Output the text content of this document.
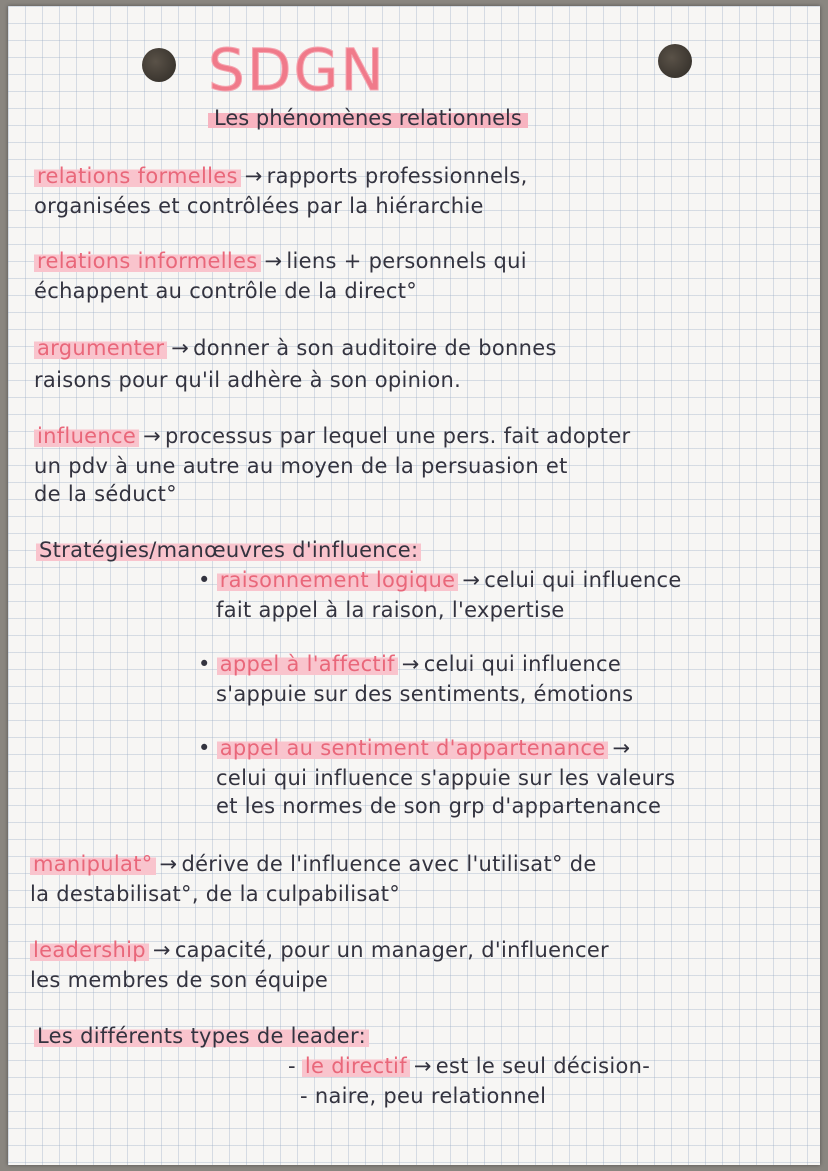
SDGN
Les phénomènes relationnels
relations formelles → rapports professionnels,
organisées et contrôlées par la hiérarchie
relations informelles → liens + personnels qui
échappent au contrôle de la direct°
argumenter → donner à son auditoire de bonnes
raisons pour qu'il adhère à son opinion.
influence → processus par lequel une pers. fait adopter
un pdv à une autre au moyen de la persuasion et
de la séduct°
Stratégies/manœuvres d'influence:
• raisonnement logique → celui qui influence
fait appel à la raison, l'expertise
• appel à l'affectif → celui qui influence
s'appuie sur des sentiments, émotions
• appel au sentiment d'appartenance →
celui qui influence s'appuie sur les valeurs
et les normes de son grp d'appartenance
manipulat° → dérive de l'influence avec l'utilisat° de
la destabilisat°, de la culpabilisat°
leadership → capacité, pour un manager, d'influencer
les membres de son équipe
Les différents types de leader:
- le directif → est le seul décision-
- naire, peu relationnel
